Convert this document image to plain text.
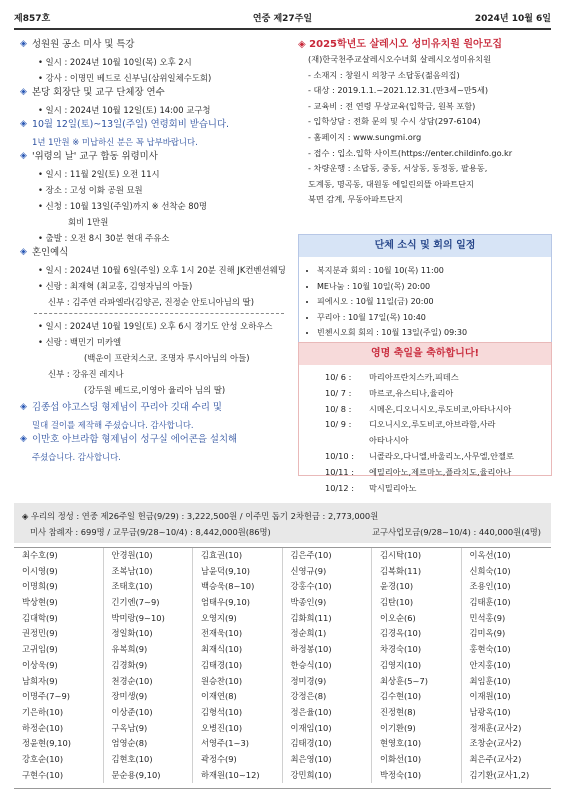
제857호	연중 제27주일	2024년 10월 6일
◈ 성원원 공소 미사 및 특강
• 일시 : 2024년 10월 10일(목) 오후 2시
• 강사 : 이명민 베드로 신부님(삼위일체수도회)
◈ 본당 회장단 및 교구 단체장 연수
• 일시 : 2024년 10월 12일(토) 14:00 교구청
◈ 10월 12일(토)~13일(주일) 연령회비 받습니다.
1년 1만원 ※ 미납하신 분은 꼭 납부바랍니다.
◈ '위령의 날' 교구 합동 위령미사
• 일시 : 11월 2일(토) 오전 11시
• 장소 : 고성 이화 공원 묘원
• 신청 : 10월 13일(주일)까지 ※ 선착순 80명
회비 1만원
• 출발 : 오전 8시 30분 현대 주유소
◈ 혼인예식
• 일시 : 2024년 10월 6일(주일) 오후 1시 20분 진해 JK컨벤션웨딩
• 신랑 : 최재혁 (최교홍, 김영자님의 아들)
신부 : 김주연 라파엘라(김양곤, 진정순 안토니아님의 딸)
• 일시 : 2024년 10월 19일(토) 오후 6시 경기도 안성 오하우스
• 신랑 : 백민기 미카엘
(백운이 프란치스코. 조명자 루시아님의 아들)
신부 : 강유진 레지나
(강두원 베드로,이영아 율리아 님의 딸)
◈ 김종섭 야고스딩 형제님이 꾸리아 깃대 수리 및
밀대 걸이를 제작해 주셨습니다. 감사합니다.
◈ 이만호 아브라함 형제님이 성구실 에어콘을 설치해
주셨습니다. 감사합니다.
◈ 2025학년도 살레시오 성미유치원 원아모집
(재)한국천주교살레시오수녀회 살레시오성미유치원
- 소재지 : 창원시 의창구 소답동(젊음의집)
- 대상 : 2019.1.1.~2021.12.31.(만3세~만5세)
- 교육비 : 전 연령 무상교육(입학금, 원복 포함)
- 입학상담 : 전화 문의 및 수시 상담(297-6104)
- 홈페이지 : www.sungmi.org
- 접수 : 입소.입학 사이트(https://enter.childinfo.go.kr
- 차량운행 : 소답동, 중동, 서상동, 동정동, 팔용동,
도계동, 명곡동, 대원동 에일린의뜰 아파트단지
북면 감계, 무동아파트단지
단체 소식 및 회의 일정
• 복지분과 회의 : 10월 10(목) 11:00
• ME나눔 : 10월 10일(목) 20:00
• 피에시오 : 10월 11일(금) 20:00
• 꾸리아 : 10월 17일(목) 10:40
• 빈첸시오회 회의 : 10월 13일(주일) 09:30
영명 축일을 축하합니다!
10/ 6 :	마리아프란치스카,피데스
10/ 7 :	마르코,유스티나,율리아
10/ 8 :	시메온,디오니시오,루도비코,아타나시아
10/ 9 :	디오니시오,루도비코,아브라함,사라
아타나시아
10/10 :	니콜라오,다니엘,바울리노,사무엘,안젤로
10/11 :	에밀리아노,제르마노,플라치도,율리아나
10/12 :	막시밀리아노
◈ 우리의 정성 : 연중 제26주일 헌금(9/29) : 3,222,500원 / 이주민 돕기 2차헌금 : 2,773,000원
미사 참례자 : 699명 / 교무금(9/28~10/4) : 8,442,000원(86명)	교구사업모금(9/28~10/4) : 440,000원(4명)
최수호(9)	안경원(10)	김효권(10)	김은주(10)	김시탁(10)	이옥선(10)
이시영(9)	조복남(10)	남윤덕(9,10)	신영규(9)	김복화(11)	신희숙(10)
이명희(9)	조태호(10)	백승욱(8~10)	강홍수(10)	윤경(10)	조용인(10)
박상현(9)	긴기엔(7~9)	엄태우(9,10)	박종인(9)	김탄(10)	김태훈(10)
김대학(9)	박미랑(9~10)	오영지(9)	김화희(11)	이오순(6)	민석홍(9)
권정민(9)	정일화(10)	전재욱(10)	정순희(1)	김경옥(10)	김미옥(9)
고귀임(9)	유복희(9)	최재식(10)	하정봉(10)	차경숙(10)	홍현숙(10)
이상욱(9)	김경화(9)	김태경(10)	한승식(10)	김영지(10)	안지홍(10)
남희자(9)	천경순(10)	원승찬(10)	정미경(9)	최상훈(5~7)	최임훈(10)
이명주(7~9)	장미생(9)	이재연(8)	강정은(8)	김수현(10)	이재원(10)
기은하(10)	이상준(10)	김형석(10)	정은율(10)	진정현(8)	남광옥(10)
하정순(10)	구옥남(9)	오병진(10)	이재임(10)	이기환(9)	정재훈(교사2)
정윤현(9,10)	엄영순(8)	서영주(1~3)	김태경(10)	현영호(10)	조창순(교사2)
강호순(10)	김현호(10)	곽정수(9)	최은영(10)	이화선(10)	최은주(교사2)
구현수(10)	문순용(9,10)	하재원(10~12)	강민희(10)	박정숙(10)	김기환(교사1,2)
